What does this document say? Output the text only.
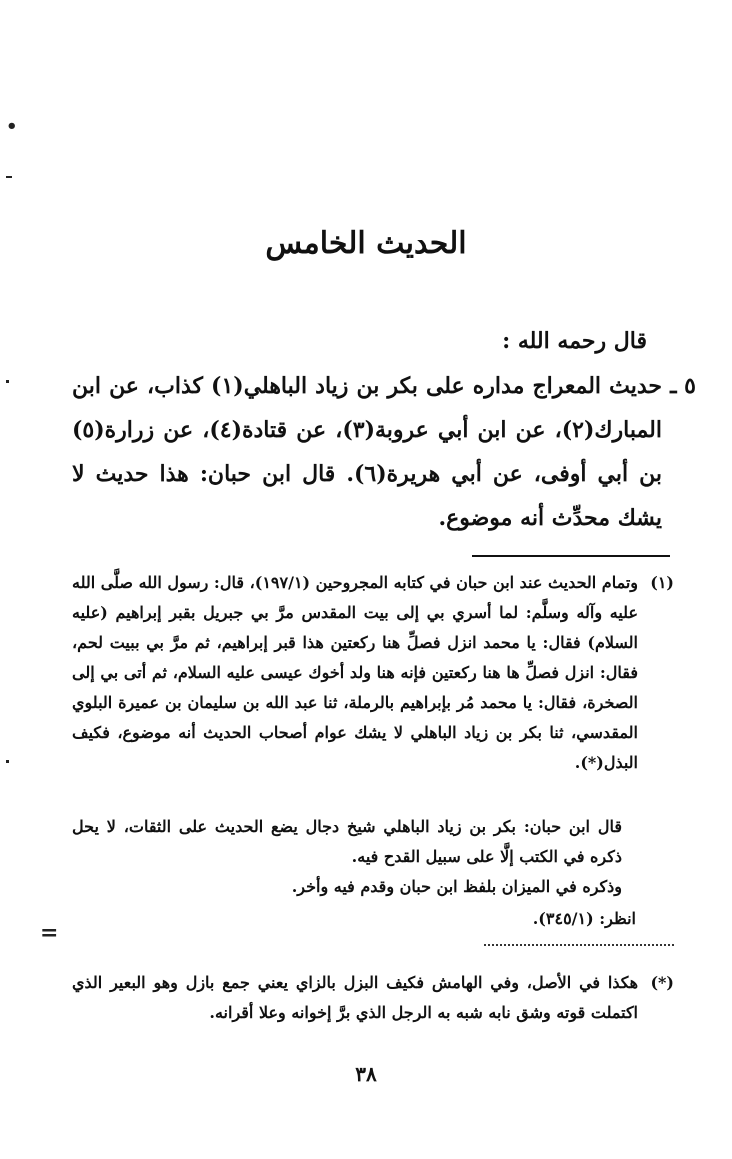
•
=
الحديث الخامس
قال رحمه الله :
٥ ـ
حديث المعراج مداره على بكر بن زياد الباهلي(١) كذاب، عن ابن المبارك(٢)، عن ابن أبي عروبة(٣)، عن قتادة(٤)، عن زرارة(٥) بن أبي أوفى، عن أبي هريرة(٦). قال ابن حبان: هذا حديث لا يشك محدِّث أنه موضوع.
(١)
وتمام الحديث عند ابن حبان في كتابه المجروحين (١٩٧/١)، قال: رسول الله صلَّى الله عليه وآله وسلَّم: لما أسري بي إلى بيت المقدس مرَّ بي جبريل بقبر إبراهيم (عليه السلام) فقال: يا محمد انزل فصلِّ هنا ركعتين هذا قبر إبراهيم، ثم مرَّ بي ببيت لحم، فقال: انزل فصلِّ ها هنا ركعتين فإنه هنا ولد أخوك عيسى عليه السلام، ثم أتى بي إلى الصخرة، فقال: يا محمد مُر بإبراهيم بالرملة، ثنا عبد الله بن سليمان بن عميرة البلوي المقدسي، ثنا بكر بن زياد الباهلي لا يشك عوام أصحاب الحديث أنه موضوع، فكيف البذل(*).
قال ابن حبان: بكر بن زياد الباهلي شيخ دجال يضع الحديث على الثقات، لا يحل ذكره في الكتب إلَّا على سبيل القدح فيه.
وذكره في الميزان بلفظ ابن حبان وقدم فيه وأخر.
انظر: (٣٤٥/١).
(*)
هكذا في الأصل، وفي الهامش فكيف البزل بالزاي يعني جمع بازل وهو البعير الذي اكتملت قوته وشق نابه شبه به الرجل الذي برَّ إخوانه وعلا أقرانه.
٣٨
